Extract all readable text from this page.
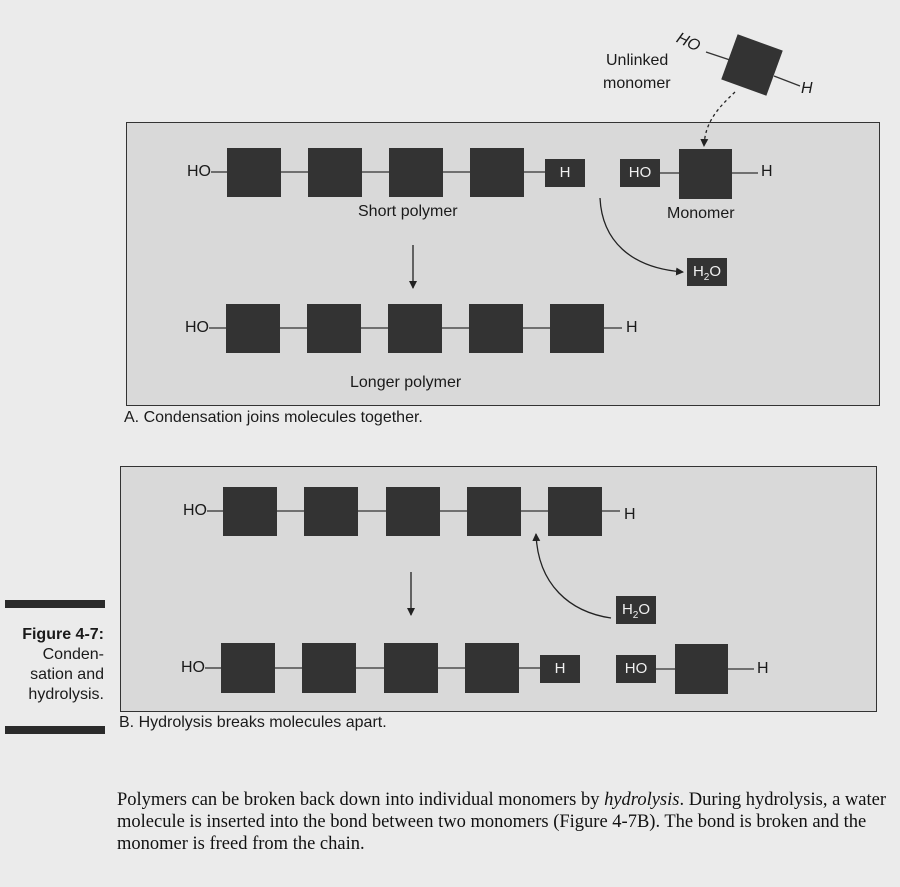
Unlinked
monomer
HO
H
HO	H	HO	H
Short polymer	Monomer
$H_2O$
HO	H
Longer polymer
A. Condensation joins molecules together.
HO	H
$H_2O$
HO	H	HO	H
B. Hydrolysis breaks molecules apart.
Figure 4-7:
Conden-
sation and
hydrolysis.
Polymers can be broken back down into individual monomers by hydrolysis. During hydrolysis, a water molecule is inserted into the bond between two monomers (Figure 4-7B). The bond is broken and the monomer is freed from the chain.
